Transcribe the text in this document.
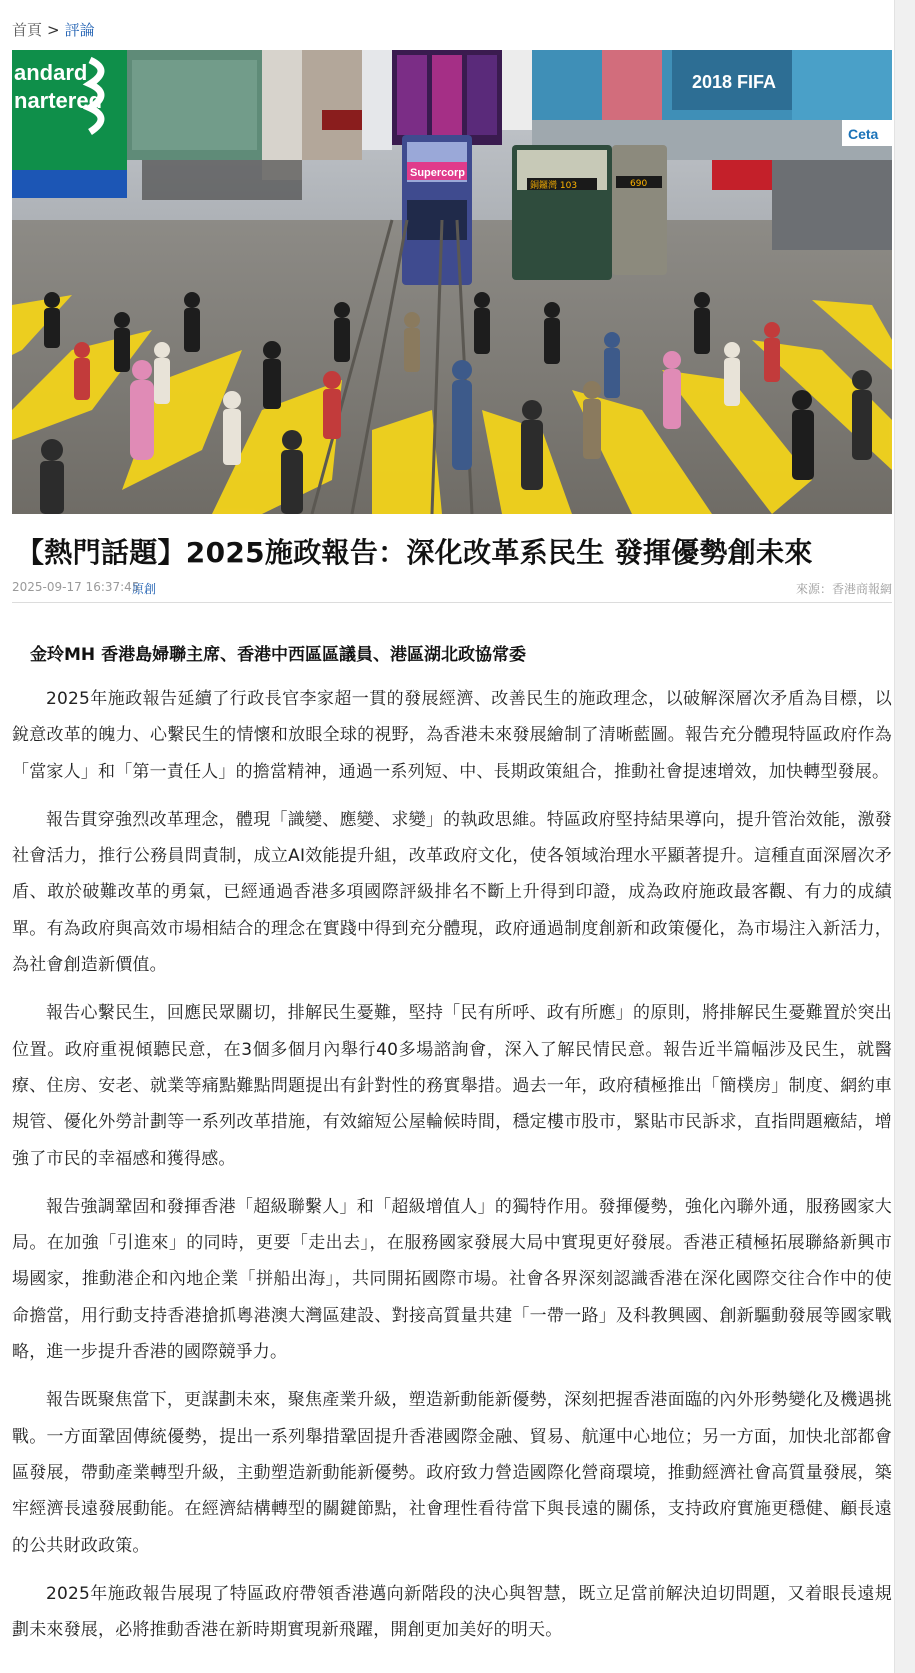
首頁 > 評論
andard
nartered
2018 FIFA
Ceta
Supercorp
銅鑼灣 103	690
【熱門話題】2025施政報告：深化改革系民生 發揮優勢創未來
2025-09-17 16:37:45
原創	來源：香港商報網
金玲MH 香港島婦聯主席、香港中西區區議員、港區湖北政協常委

2025年施政報告延續了行政長官李家超一貫的發展經濟、改善民生的施政理念，以破解深層次矛盾為目標，以銳意改革的魄力、心繫民生的情懷和放眼全球的視野，為香港未來發展繪制了清晰藍圖。報告充分體現特區政府作為「當家人」和「第一責任人」的擔當精神，通過一系列短、中、長期政策組合，推動社會提速增效，加快轉型發展。

報告貫穿強烈改革理念，體現「識變、應變、求變」的執政思維。特區政府堅持結果導向，提升管治效能，激發社會活力，推行公務員問責制，成立AI效能提升組，改革政府文化，使各領域治理水平顯著提升。這種直面深層次矛盾、敢於破難改革的勇氣，已經通過香港多項國際評級排名不斷上升得到印證，成為政府施政最客觀、有力的成績單。有為政府與高效市場相結合的理念在實踐中得到充分體現，政府通過制度創新和政策優化，為市場注入新活力，為社會創造新價值。

報告心繫民生，回應民眾關切，排解民生憂難，堅持「民有所呼、政有所應」的原則，將排解民生憂難置於突出位置。政府重視傾聽民意，在3個多個月內舉行40多場諮詢會，深入了解民情民意。報告近半篇幅涉及民生，就醫療、住房、安老、就業等痛點難點問題提出有針對性的務實舉措。過去一年，政府積極推出「簡樸房」制度、網約車規管、優化外勞計劃等一系列改革措施，有效縮短公屋輪候時間，穩定樓市股市，緊貼市民訴求，直指問題癥結，增強了市民的幸福感和獲得感。

報告強調鞏固和發揮香港「超級聯繫人」和「超級增值人」的獨特作用。發揮優勢，強化內聯外通，服務國家大局。在加強「引進來」的同時，更要「走出去」，在服務國家發展大局中實現更好發展。香港正積極拓展聯絡新興市場國家，推動港企和內地企業「拼船出海」，共同開拓國際市場。社會各界深刻認識香港在深化國際交往合作中的使命擔當，用行動支持香港搶抓粵港澳大灣區建設、對接高質量共建「一帶一路」及科教興國、創新驅動發展等國家戰略，進一步提升香港的國際競爭力。

報告既聚焦當下，更謀劃未來，聚焦產業升級，塑造新動能新優勢，深刻把握香港面臨的內外形勢變化及機遇挑戰。一方面鞏固傳統優勢，提出一系列舉措鞏固提升香港國際金融、貿易、航運中心地位；另一方面，加快北部都會區發展，帶動產業轉型升級，主動塑造新動能新優勢。政府致力營造國際化營商環境，推動經濟社會高質量發展，築牢經濟長遠發展動能。在經濟結構轉型的關鍵節點，社會理性看待當下與長遠的關係，支持政府實施更穩健、顧長遠的公共財政政策。

2025年施政報告展現了特區政府帶領香港邁向新階段的決心與智慧，既立足當前解決迫切問題，又着眼長遠規劃未來發展，必將推動香港在新時期實現新飛躍，開創更加美好的明天。
